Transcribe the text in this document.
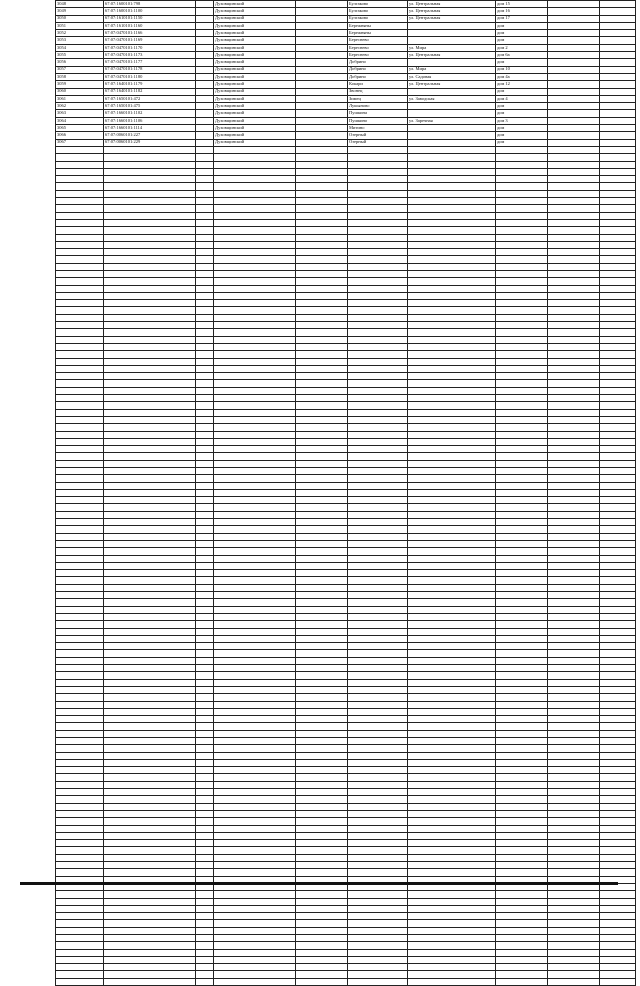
3048	67:07:1600101:798		Духовщинский		Булгаково	ул. Центральная	дом 15		
3049	67:07:1600101:1100		Духовщинский		Булгаково	ул. Центральная	дом 16		
3050	67:07:1610101:1150		Духовщинский		Булгаково	ул. Центральная	дом 17		
3051	67:07:1610101:1160		Духовщинский		Бережняны		дом		
3052	67:07:0470101:1166		Духовщинский		Бережняны		дом		
3053	67:07:0470101:1169		Духовщинский		Береснево		дом		
3054	67:07:0470101:1170		Духовщинский		Береснево	ул. Мира	дом 2		
3055	67:07:0470101:1173		Духовщинский		Береснево	ул. Центральная	дом 6а		
3056	67:07:0470101:1177		Духовщинский		Добрино		дом		
3057	67:07:0470101:1178		Духовщинский		Добрино	ул. Мира	дом 10		
3058	67:07:0470101:1180		Духовщинский		Добрино	ул. Садовая	дом 4а		
3059	67:07:1640101:1179		Духовщинский		Кокари	ул. Центральная	дом 12		
3060	67:07:1640101:1182		Духовщинский		Звонец		дом		
3061	67:07:1650101:472		Духовщинский		Зимец	ул. Заводская	дом 4		
3062	67:07:1650101:475		Духовщинский		Лукьяново		дом		
3063	67:07:1660101:1102		Духовщинский		Пушкина		дом		
3064	67:07:1660101:1106		Духовщинский		Пушкино	ул. Заречная	дом 3		
3065	67:07:1660101:1114		Духовщинский		Митино		дом		
3066	67:07:0060101:227		Духовщинский		Озерный		дом		
3067	67:07:0060101:229		Духовщинский		Озерный		дом		
